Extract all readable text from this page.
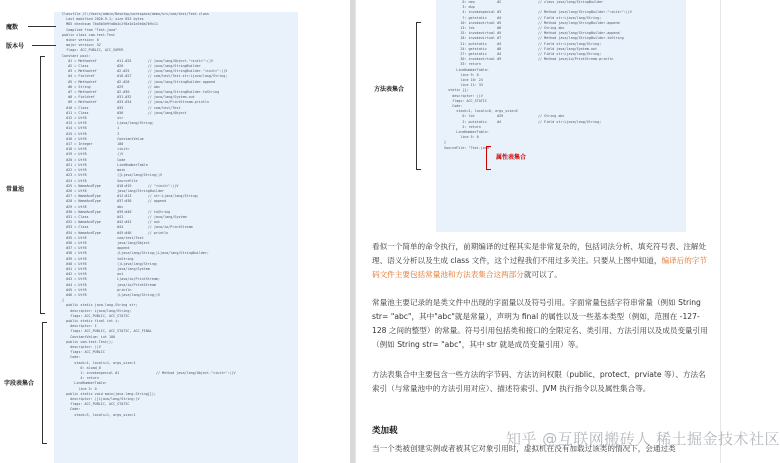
Classfile /C:/Users/admin/Desktop/workspace/demo/src/com/test/Test.class
Last modified 2020-9-1; size 853 bytes
MD5 checksum 7ba5b5e9fa8b4c2f8a1d1e3e0a7b9c11
Compiled from "Test.java"
public class com.test.Test
minor version: 0
major version: 52
flags: ACC_PUBLIC, ACC_SUPER
Constant pool:
#1 = Methodref          #11.#25        // java/lang/Object."<init>":()V
#2 = Class              #26            // java/lang/StringBuilder
#3 = Methodref          #2.#25         // java/lang/StringBuilder."<init>":()V
#4 = Fieldref           #10.#27        // com/test/Test.str:Ljava/lang/String;
#5 = Methodref          #2.#28         // java/lang/StringBuilder.append
#6 = String             #29            // abc
#7 = Methodref          #2.#30         // java/lang/StringBuilder.toString
#8 = Fieldref           #31.#32        // java/lang/System.out
#9 = Methodref          #33.#34        // java/io/PrintStream.println
#10 = Class              #35            // com/test/Test
#11 = Class              #36            // java/lang/Object
#12 = Utf8               str
#13 = Utf8               Ljava/lang/String;
#14 = Utf8               i
#15 = Utf8               I
#16 = Utf8               ConstantValue
#17 = Integer            100
#18 = Utf8               <init>
#19 = Utf8               ()V
#20 = Utf8               Code
#21 = Utf8               LineNumberTable
#22 = Utf8               main
#23 = Utf8               ([Ljava/lang/String;)V
#24 = Utf8               SourceFile
#25 = NameAndType        #18:#19        // "<init>":()V
#26 = Utf8               java/lang/StringBuilder
#27 = NameAndType        #12:#13        // str:Ljava/lang/String;
#28 = NameAndType        #37:#38        // append
#29 = Utf8               abc
#30 = NameAndType        #39:#40        // toString
#31 = Class              #41            // java/lang/System
#32 = NameAndType        #42:#43        // out
#33 = Class              #44            // java/io/PrintStream
#34 = NameAndType        #45:#46        // println
#35 = Utf8               com/test/Test
#36 = Utf8               java/lang/Object
#37 = Utf8               append
#38 = Utf8               (Ljava/lang/String;)Ljava/lang/StringBuilder;
#39 = Utf8               toString
#40 = Utf8               ()Ljava/lang/String;
#41 = Utf8               java/lang/System
#42 = Utf8               out
#43 = Utf8               Ljava/io/PrintStream;
#44 = Utf8               java/io/PrintStream
#45 = Utf8               println
#46 = Utf8               (Ljava/lang/String;)V
{
public static java.lang.String str;
descriptor: Ljava/lang/String;
flags: ACC_PUBLIC, ACC_STATIC
public static final int i;
descriptor: I
flags: ACC_PUBLIC, ACC_STATIC, ACC_FINAL
ConstantValue: int 100
public com.test.Test();
descriptor: ()V
flags: ACC_PUBLIC
Code:
stack=1, locals=1, args_size=1
0: aload_0
1: invokespecial #1                  // Method java/lang/Object."<init>":()V
4: return
LineNumberTable:
line 3: 0
public static void main(java.lang.String[]);
descriptor: ([Ljava/lang/String;)V
flags: ACC_PUBLIC, ACC_STATIC
Code:
stack=3, locals=1, args_size=1
魔数
版本号
常量池
字段表集合
0: new           #2                  // class java/lang/StringBuilder
3: dup
4: invokespecial #3                  // Method java/lang/StringBuilder."<init>":()V
7: getstatic     #4                  // Field str:Ljava/lang/String;
10: invokevirtual #5                  // Method java/lang/StringBuilder.append
13: ldc           #6                  // String abc
15: invokevirtual #5                  // Method java/lang/StringBuilder.append
18: invokevirtual #7                  // Method java/lang/StringBuilder.toString
21: putstatic     #4                  // Field str:Ljava/lang/String;
24: getstatic     #8                  // Field java/lang/System.out
27: getstatic     #4                  // Field str:Ljava/lang/String;
30: invokevirtual #9                  // Method java/io/PrintStream.println
33: return
LineNumberTable:
line 9: 0
line 10: 24
line 11: 33
static {};
descriptor: ()V
flags: ACC_STATIC
Code:
stack=1, locals=0, args_size=0
0: ldc           #29                 // String abc
2: putstatic     #4                  // Field str:Ljava/lang/String;
5: return
LineNumberTable:
line 5: 0
}
SourceFile: "Test.java"
方法表集合
属性表集合
看似一个简单的命令执行，前期编译的过程其实是非常复杂的，包括词法分析、填充符号表、注解处理、语义分析以及生成 class 文件，这个过程我们不用过多关注。只要从上图中知道，编译后的字节码文件主要包括常量池和方法表集合这两部分就可以了。
常量池主要记录的是类文件中出现的字面量以及符号引用。字面常量包括字符串常量（例如 String str= "abc"，其中"abc"就是常量），声明为 final 的属性以及一些基本类型（例如，范围在 -127-128 之间的整型）的常量。符号引用包括类和接口的全限定名、类引用、方法引用以及成员变量引用（例如 String str= "abc"，其中 str 就是成员变量引用）等。
方法表集合中主要包含一些方法的字节码、方法访问权限（public、protect、prviate 等）、方法名索引（与常量池中的方法引用对应）、描述符索引、JVM 执行指令以及属性集合等。
类加载
当一个类被创建实例或者被其它对象引用时，虚拟机在没有加载过该类的情况下，会通过类
知乎 @互联网搬砖人 稀土掘金技术社区
